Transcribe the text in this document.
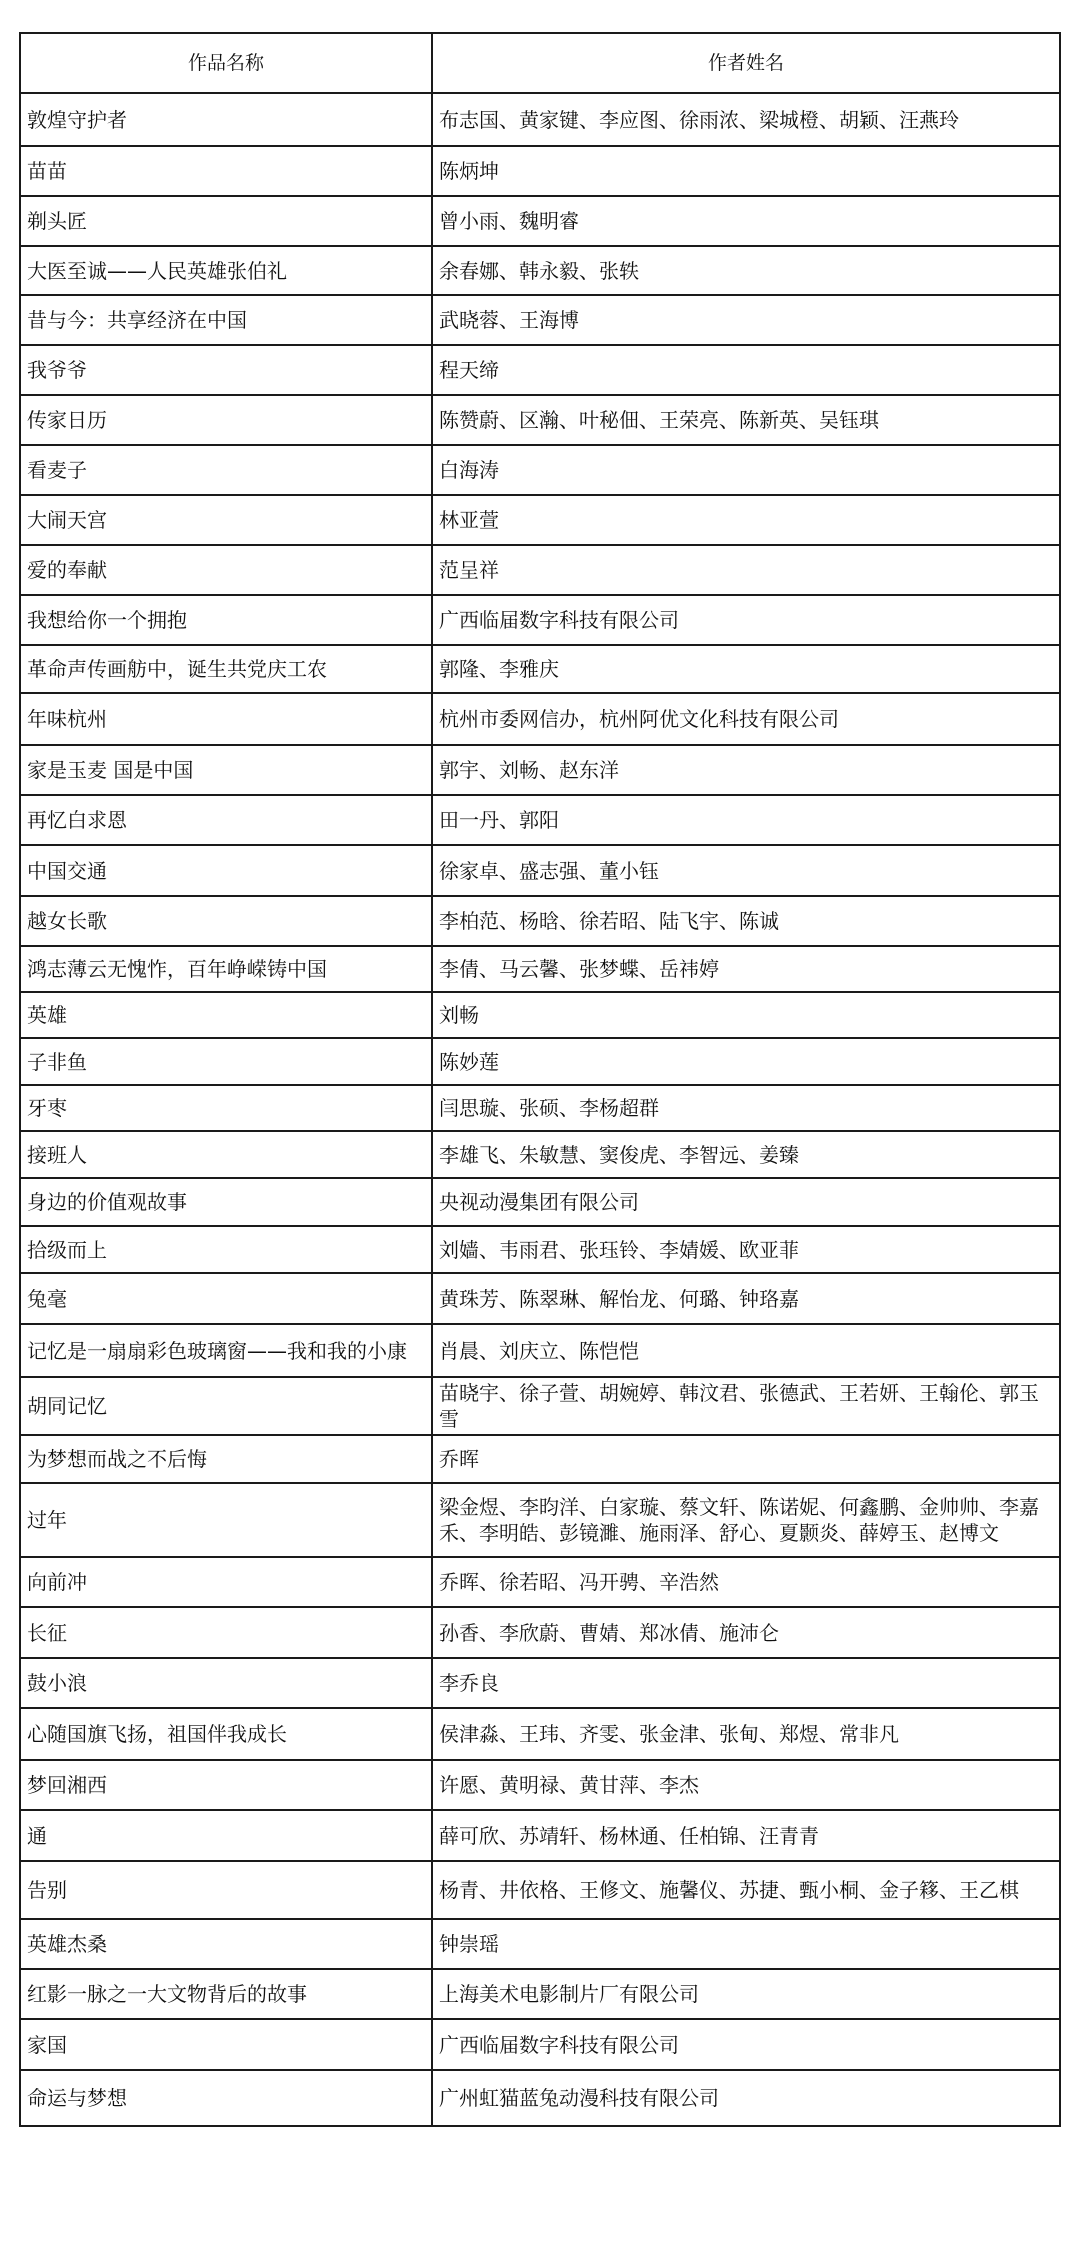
作品名称	作者姓名
敦煌守护者	布志国、黄家键、李应图、徐雨浓、梁城橙、胡颖、汪燕玲
苗苗	陈炳坤
剃头匠	曾小雨、魏明睿
大医至诚——人民英雄张伯礼	余春娜、韩永毅、张轶
昔与今：共享经济在中国	武晓蓉、王海博
我爷爷	程天缔
传家日历	陈赞蔚、区瀚、叶秘佃、王荣亮、陈新英、吴钰琪
看麦子	白海涛
大闹天宫	林亚萱
爱的奉献	范呈祥
我想给你一个拥抱	广西临届数字科技有限公司
革命声传画舫中，诞生共党庆工农	郭隆、李雅庆
年味杭州	杭州市委网信办，杭州阿优文化科技有限公司
家是玉麦 国是中国	郭宇、刘畅、赵东洋
再忆白求恩	田一丹、郭阳
中国交通	徐家卓、盛志强、董小钰
越女长歌	李柏范、杨晗、徐若昭、陆飞宇、陈诚
鸿志薄云无愧怍，百年峥嵘铸中国	李倩、马云馨、张梦蝶、岳祎婷
英雄	刘畅
子非鱼	陈妙莲
牙枣	闫思璇、张硕、李杨超群
接班人	李雄飞、朱敏慧、窦俊虎、李智远、姜臻
身边的价值观故事	央视动漫集团有限公司
拾级而上	刘嫱、韦雨君、张珏铃、李婧媛、欧亚菲
兔毫	黄珠芳、陈翠琳、解怡龙、何璐、钟珞嘉
记忆是一扇扇彩色玻璃窗——我和我的小康	肖晨、刘庆立、陈恺恺
胡同记忆	苗晓宇、徐子萱、胡婉婷、韩汶君、张德武、王若妍、王翰伦、郭玉雪
为梦想而战之不后悔	乔晖
过年	梁金煜、李昀洋、白家璇、蔡文轩、陈诺妮、何鑫鹏、金帅帅、李嘉禾、李明皓、彭镜濉、施雨泽、舒心、夏颢炎、薛婷玉、赵博文
向前冲	乔晖、徐若昭、冯开骋、辛浩然
长征	孙香、李欣蔚、曹婧、郑冰倩、施沛仑
鼓小浪	李乔良
心随国旗飞扬，祖国伴我成长	侯津淼、王玮、齐雯、张金津、张甸、郑煜、常非凡
梦回湘西	许愿、黄明禄、黄甘萍、李杰
通	薛可欣、苏靖轩、杨林通、任柏锦、汪青青
告别	杨青、井依格、王修文、施馨仪、苏捷、甄小桐、金子簃、王乙棋
英雄杰桑	钟崇瑶
红影一脉之一大文物背后的故事	上海美术电影制片厂有限公司
家国	广西临届数字科技有限公司
命运与梦想	广州虹猫蓝兔动漫科技有限公司
